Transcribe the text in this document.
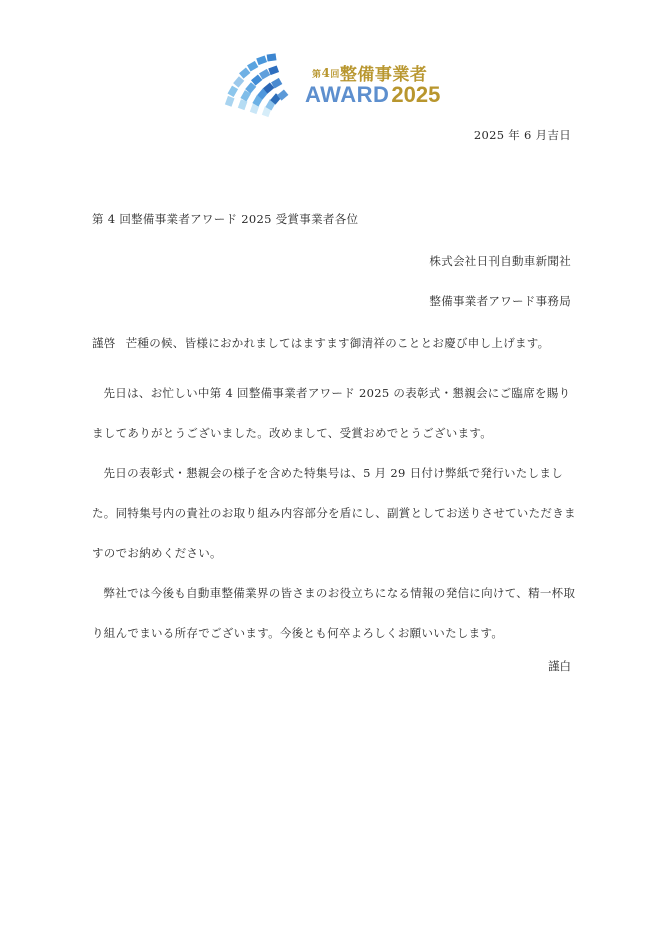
第4回整備事業者
AWARD2025
2025 年 6 月吉日
第 4 回整備事業者アワード 2025 受賞事業者各位
株式会社日刊自動車新聞社
整備事業者アワード事務局
謹啓 芒種の候、皆様におかれましてはますます御清祥のこととお慶び申し上げます。
先日は、お忙しい中第 4 回整備事業者アワード 2025 の表彰式・懇親会にご臨席を賜りましてありがとうございました。改めまして、受賞おめでとうございます。
先日の表彰式・懇親会の様子を含めた特集号は、5 月 29 日付け弊紙で発行いたしました。同特集号内の貴社のお取り組み内容部分を盾にし、副賞としてお送りさせていただきますのでお納めください。
弊社では今後も自動車整備業界の皆さまのお役立ちになる情報の発信に向けて、精一杯取り組んでまいる所存でございます。今後とも何卒よろしくお願いいたします。
謹白
